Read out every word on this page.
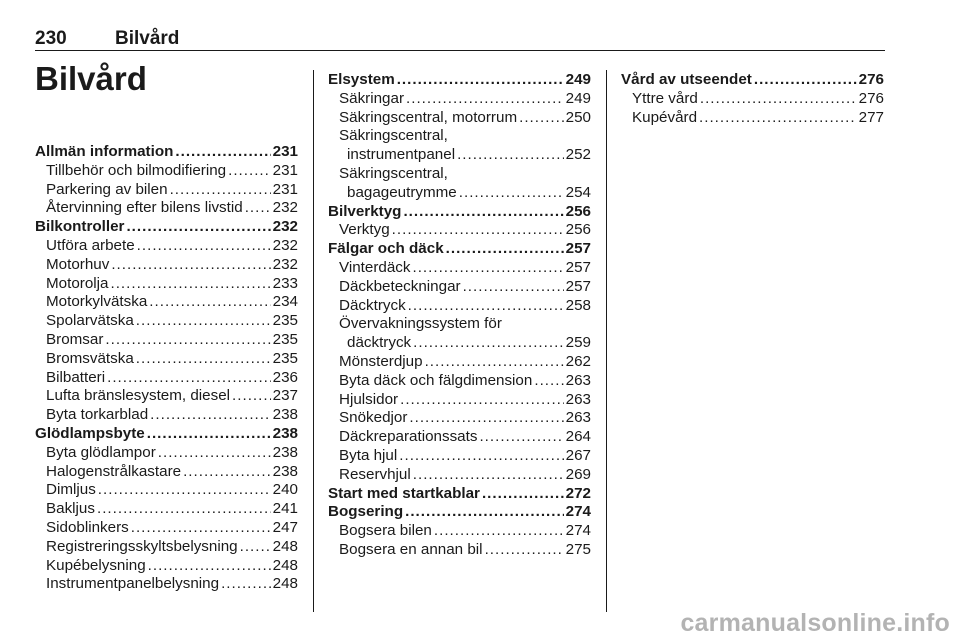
230	Bilvård
Bilvård
Allmän information .....	231
Tillbehör och bilmodifiering .....	231
Parkering av bilen .....	231
Återvinning efter bilens livstid ..... 232
Bilkontroller .....	232
Utföra arbete .....	232
Motorhuv .....	232
Motorolja .....	233
Motorkylvätska .....	234
Spolarvätska .....	235
Bromsar .....	235
Bromsvätska .....	235
Bilbatteri .....	236
Lufta bränslesystem, diesel .....	237
Byta torkarblad .....	238
Glödlampsbyte .....	238
Byta glödlampor .....	238
Halogenstrålkastare .....	238
Dimljus .....	240
Bakljus .....	241
Sidoblinkers .....	247
Registreringsskyltsbelysning ..... 248
Kupébelysning .....	248
Instrumentpanelbelysning .....	248
Elsystem .....	249
Säkringar .....	249
Säkringscentral, motorrum .....	250
Säkringscentral,
instrumentpanel .....	252
Säkringscentral,
bagageutrymme .....	254
Bilverktyg .....	256
Verktyg .....	256
Fälgar och däck .....	257
Vinterdäck .....	257
Däckbeteckningar .....	257
Däcktryck .....	258
Övervakningssystem för
däcktryck .....	259
Mönsterdjup .....	262
Byta däck och fälgdimension ..... 263
Hjulsidor .....	263
Snökedjor .....	263
Däckreparationssats .....	264
Byta hjul .....	267
Reservhjul .....	269
Start med startkablar .....	272
Bogsering .....	274
Bogsera bilen .....	274
Bogsera en annan bil .....	275
Vård av utseendet .....	276
Yttre vård .....	276
Kupévård .....	277
carmanualsonline.info
